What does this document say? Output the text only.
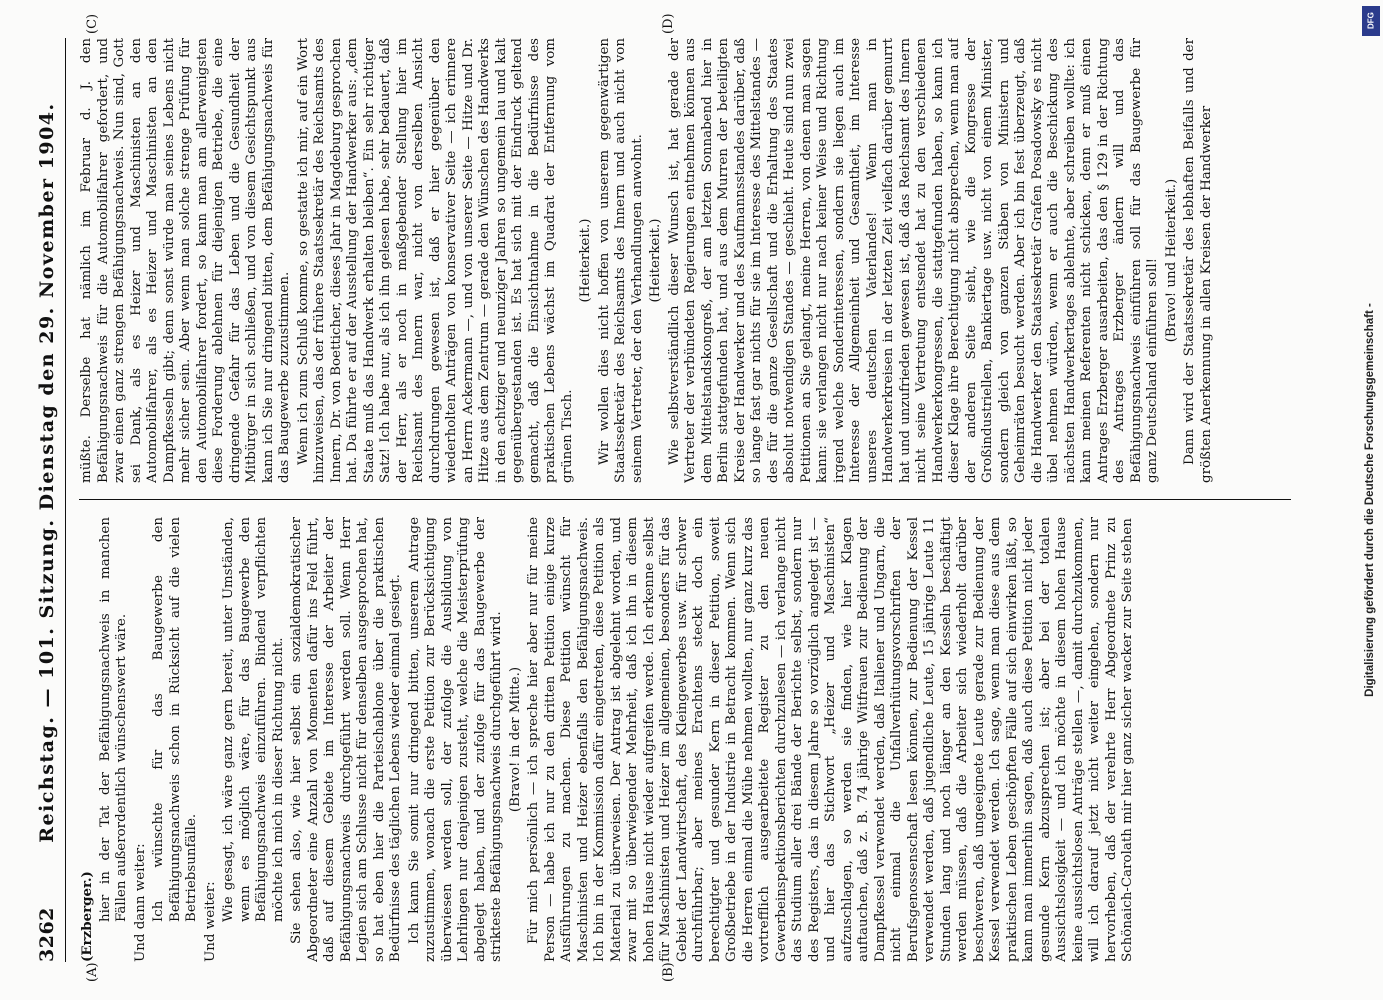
3262
Reichstag. — 101. Sitzung. Dienstag den 29. November 1904.
(A)	(B)
(C)	(D)

(Erzberger.) hier in der Tat der Befähigungsnachweis in manchen Fällen außerordentlich wünschenswert wäre. Und dann weiter: Ich wünschte für das Baugewerbe den Befähigungsnachweis schon in Rücksicht auf die vielen Betriebsunfälle. Und weiter: Wie gesagt, ich wäre ganz gern bereit, unter Umständen, wenn es möglich wäre, für das Baugewerbe den Befähigungsnachweis einzuführen. Bindend verpflichten möchte ich mich in dieser Richtung nicht. Sie sehen also, wie hier selbst ein sozialdemokratischer Abgeordneter eine Anzahl von Momenten dafür ins Feld führt, daß auf diesem Gebiete im Interesse der Arbeiter der Befähigungsnachweis durchgeführt werden soll. Wenn Herr Legien sich am Schlusse nicht für denselben ausgesprochen hat, so hat eben hier die Parteischablone über die praktischen Bedürfnisse des täglichen Lebens wieder einmal gesiegt. Ich kann Sie somit nur dringend bitten, unserem Antrage zuzustimmen, wonach die erste Petition zur Berücksichtigung überwiesen werden soll, der zufolge die Ausbildung von Lehrlingen nur denjenigen zusteht, welche die Meisterprüfung abgelegt haben, und der zufolge für das Baugewerbe der strikteste Befähigungsnachweis durchgeführt wird. (Bravo! in der Mitte.) Für mich persönlich — ich spreche hier aber nur für meine Person — habe ich nur zu den dritten Petition einige kurze Ausführungen zu machen. Diese Petition wünscht für Maschinisten und Heizer ebenfalls den Befähigungsnachweis. Ich bin in der Kommission dafür eingetreten, diese Petition als Material zu überweisen. Der Antrag ist abgelehnt worden, und zwar mit so überwiegender Mehrheit, daß ich ihn in diesem hohen Hause nicht wieder aufgreifen werde. Ich erkenne selbst für Maschinisten und Heizer im allgemeinen, besonders für das Gebiet der Landwirtschaft, des Kleingewerbes usw. für schwer durchführbar; aber meines Erachtens steckt doch ein berechtigter und gesunder Kern in dieser Petition, soweit Großbetriebe in der Industrie in Betracht kommen. Wenn sich die Herren einmal die Mühe nehmen wollten, nur ganz kurz das vortrefflich ausgearbeitete Register zu den neuen Gewerbeinspektionsberichten durchzulesen — ich verlange nicht das Studium aller drei Bände der Berichte selbst, sondern nur des Registers, das in diesem Jahre so vorzüglich angelegt ist — und hier das Stichwort „Heizer und Maschinisten“ aufzuschlagen, so werden sie finden, wie hier Klagen auftauchen, daß z. B. 74 jährige Witfrauen zur Bedienung der Dampfkessel verwendet werden, daß Italiener und Ungarn, die nicht einmal die Unfallverhütungsvorschriften der Berufsgenossenschaft lesen können, zur Bedienung der Kessel verwendet werden, daß jugendliche Leute, 15 jährige Leute 11 Stunden lang und noch länger an den Kesseln beschäftigt werden müssen, daß die Arbeiter sich wiederholt darüber beschweren, daß ungeeignete Leute gerade zur Bedienung der Kessel verwendet werden. Ich sage, wenn man diese aus dem praktischen Leben geschöpften Fälle auf sich einwirken läßt, so kann man immerhin sagen, daß auch diese Petition nicht jeder gesunde Kern abzusprechen ist; aber bei der totalen Aussichtslosigkeit — und ich möchte in diesem hohen Hause keine aussichtslosen Anträge stellen —, damit durchzukommen, will ich darauf jetzt nicht weiter eingehen, sondern nur hervorheben, daß der verehrte Herr Abgeordnete Prinz zu Schönaich-Carolath mir hier ganz sicher wacker zur Seite stehen

müßte. Derselbe hat nämlich im Februar d. J. den Befähigungsnachweis für die Automobilfahrer gefordert, und zwar einen ganz strengen Befähigungsnachweis. Nun sind, Gott sei Dank, als es Heizer und Maschinisten an den Automobilfahrer, als es Heizer und Maschinisten an den Dampfkesseln gibt; denn sonst würde man seines Lebens nicht mehr sicher sein. Aber wenn man solche strenge Prüfung für den Automobilfahrer fordert, so kann man am allerwenigsten diese Forderung ablehnen für diejenigen Betriebe, die eine dringende Gefahr für das Leben und die Gesundheit der Mitbürger in sich schließen, und von diesem Gesichtspunkt aus kann ich Sie nur dringend bitten, dem Befähigungsnachweis für das Baugewerbe zuzustimmen. Wenn ich zum Schluß komme, so gestatte ich mir, auf ein Wort hinzuweisen, das der frühere Staatssekretär des Reichsamts des Innern, Dr. von Boetticher, dieses Jahr in Magdeburg gesprochen hat. Da führte er auf der Ausstellung der Handwerker aus: „dem Staate muß das Handwerk erhalten bleiben“. Ein sehr richtiger Satz! Ich habe nur, als ich ihn gelesen habe, sehr bedauert, daß der Herr, als er noch in maßgebender Stellung hier im Reichsamt des Innern war, nicht von derselben Ansicht durchdrungen gewesen ist, daß er hier gegenüber den wiederholten Anträgen von konservativer Seite — ich erinnere an Herrn Ackermann —, und von unserer Seite — Hitze und Dr. Hitze aus dem Zentrum — gerade den Wünschen des Handwerks in den achtziger und neunziger Jahren so ungemein lau und kalt gegenübergestanden ist. Es hat sich mit der Eindruck geltend gemacht, daß die Einsichtnahme in die Bedürfnisse des praktischen Lebens wächst im Quadrat der Entfernung vom grünen Tisch.

(Heiterkeit.) Wir wollen dies nicht hoffen von unserem gegenwärtigen Staatssekretär des Reichsamts des Innern und auch nicht von seinem Vertreter, der den Verhandlungen anwohnt. (Heiterkeit.) Wie selbstverständlich dieser Wunsch ist, hat gerade der Vertreter der verbündeten Regierungen entnehmen können aus dem Mittelstandskongreß, der am letzten Sonnabend hier in Berlin stattgefunden hat, und aus dem Murren der beteiligten Kreise der Handwerker und des Kaufmannsstandes darüber, daß so lange fast gar nichts für sie im Interesse des Mittelstandes — des für die ganze Gesellschaft und die Erhaltung des Staates absolut notwendigen Standes — geschieht. Heute sind nun zwei Petitionen an Sie gelangt, meine Herren, von denen man sagen kann: sie verlangen nicht nur nach keiner Weise und Richtung irgend welche Sonderinteressen, sondern sie liegen auch im Interesse der Allgemeinheit und Gesamtheit, im Interesse unseres deutschen Vaterlandes! Wenn man in Handwerkerkreisen in der letzten Zeit vielfach darüber gemurrt hat und unzufrieden gewesen ist, daß das Reichsamt des Innern nicht seine Vertretung entsendet hat zu den verschiedenen Handwerkerkongressen, die stattgefunden haben, so kann ich dieser Klage ihre Berechtigung nicht absprechen, wenn man auf der anderen Seite sieht, wie die Kongresse der Großindustriellen, Bankiertage usw. nicht von einem Minister, sondern gleich von ganzen Stäben von Ministern und Geheimräten besucht werden. Aber ich bin fest überzeugt, daß die Handwerker den Staatssekretär Grafen Posadowsky es nicht übel nehmen würden, wenn er auch die Beschickung des nächsten Handwerkertages ablehnte, aber schreiben wollte: ich kann meinen Referenten nicht schicken, denn er muß einen Antrages Erzberger ausarbeiten, das den § 129 in der Richtung des Antrages Erzberger ändern will und das Befähigungsnachweis einführen soll für das Baugewerbe für ganz Deutschland einführen soll! (Bravo! und Heiterkeit.) Dann wird der Staatssekretär des lebhaften Beifalls und der größten Anerkennung in allen Kreisen der Handwerker

Digitalisierung gefördert durch die Deutsche Forschungsgemeinschaft -
DFG
